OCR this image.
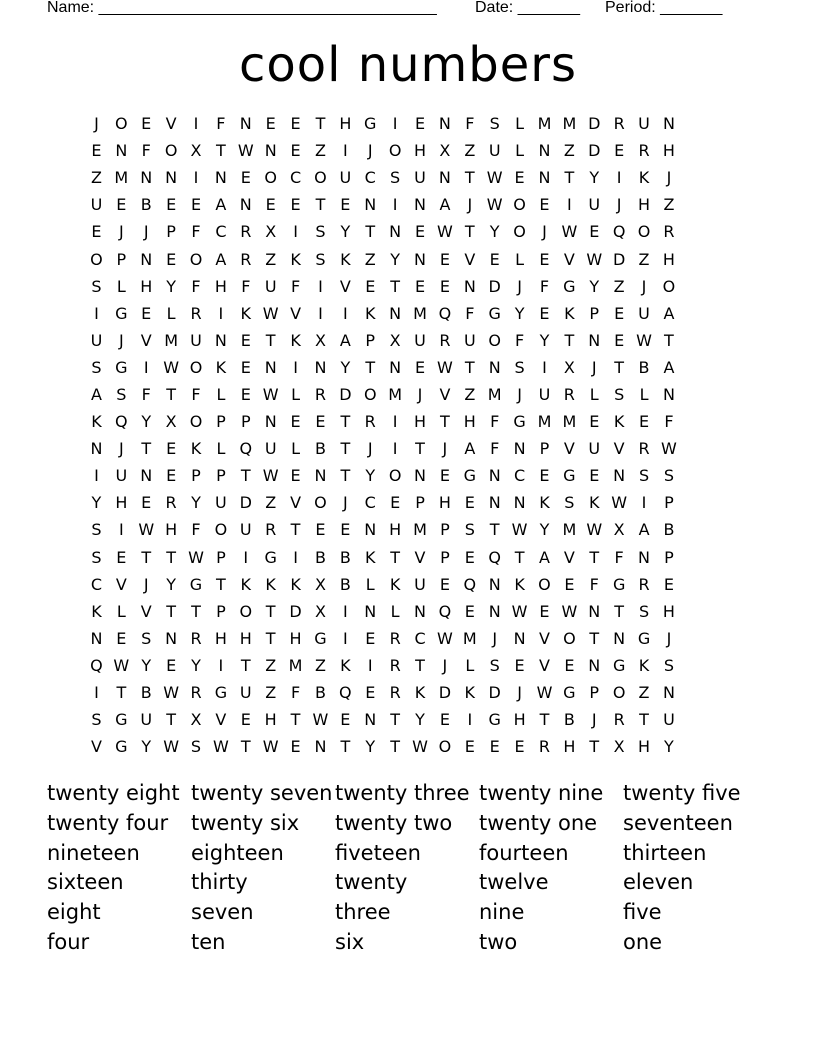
Name: ______________________________________ Date: _______ Period: _______
cool numbers
J	O E V	I	F N E E T H G	I	E N F S L M M D R U N
E N F O X T W N E Z	I	J	O H X Z U L N Z D E R H
Z M N N	I	N E O C O U C S U N T W E N T Y	I	K	J
U E B E E A N E E T E N	I	N A	J W O E	I	U	J	H Z
E	J	J	P F C R X	I	S Y T N E W T Y O	J W E Q O R
O P N E O A R Z K S K Z Y N E V E L E V W D Z H
S L H Y F H F U F	I	V E T E E N D	J	F G Y Z	J	O
I	G E L R	I	K W V	I	I	K N M Q F G Y E K P E U A
U	J	V M U N E T K X A P X U R U O F Y T N E W T
S G	I W O K E N	I	N Y T N E W T N S	I	X	J	T B A
A S F T F L E W L R D O M J	V Z M J	U R L S L N
K Q Y X O P P N E E T R	I	H T H F G M M E K E F
N	J	T E K L Q U L B T	J	I	T	J	A F N P V U V R W
I	U N E P P T W E N T Y O N E G N C E G E N S S
Y H E R Y U D Z V O	J	C E P H E N N K S K W I	P
S	I W H F O U R T E E N H M P S T W Y M W X A B
S E T T W P	I	G	I	B B K T V P E Q T A V T F N P
C V	J	Y G T K K K X B L K U E Q N K O E F G R E
K L V T T P O T D X	I	N L N Q E N W E W N T S H
N E S N R H H T H G	I	E R C W M J	N V O T N G	J
Q W Y E Y	I	T Z M Z K	I	R T	J	L S E V E N G K S
I	T B W R G U Z F B Q E R K D K D	J W G P O Z N
S G U T X V E H T W E N T Y E	I	G H T B	J	R T U
V G Y W S W T W E N T Y T W O E E E R H T X H Y
twenty eight twenty seven twenty three twenty nine twenty five
twenty four	twenty six	twenty two	twenty one	seventeen
nineteen	eighteen	fiveteen	fourteen	thirteen
sixteen	thirty	twenty	twelve	eleven
eight	seven	three	nine	five
four	ten	six	two	one
